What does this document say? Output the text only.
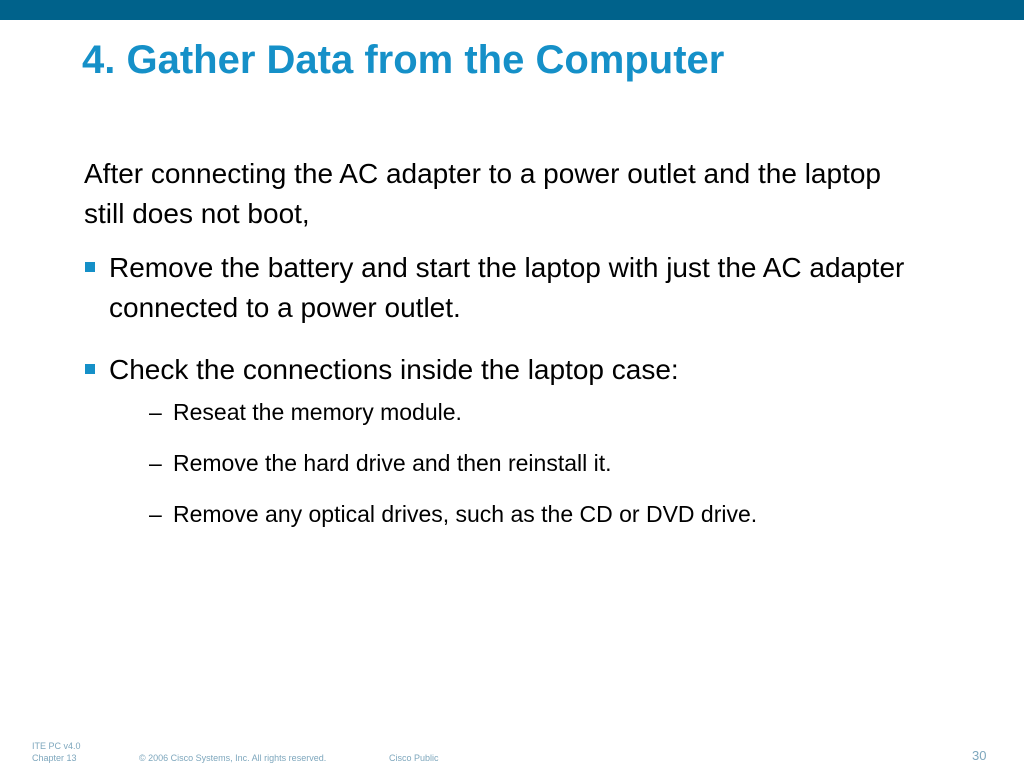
4. Gather Data from the Computer

After connecting the AC adapter to a power outlet and the laptop still does not boot,

Remove the battery and start the laptop with just the AC adapter connected to a power outlet.
Check the connections inside the laptop case:
– Reseat the memory module.
– Remove the hard drive and then reinstall it.
– Remove any optical drives, such as the CD or DVD drive.
ITE PC v4.0
Chapter 13	© 2006 Cisco Systems, Inc. All rights reserved.	Cisco Public	30
